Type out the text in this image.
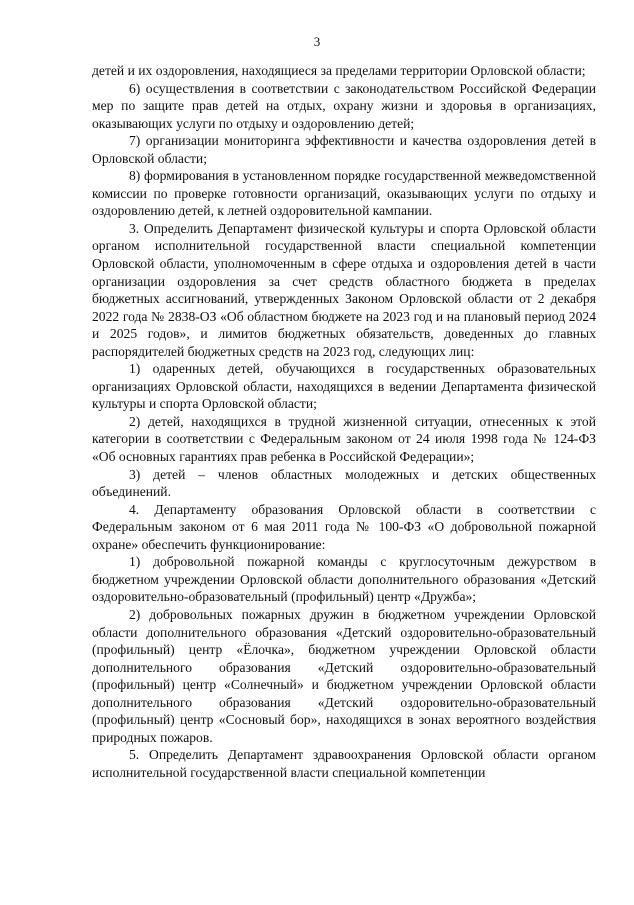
3

детей и их оздоровления, находящиеся за пределами территории Орловской области;

6) осуществления в соответствии с законодательством Российской Федерации мер по защите прав детей на отдых, охрану жизни и здоровья в организациях, оказывающих услуги по отдыху и оздоровлению детей;

7) организации мониторинга эффективности и качества оздоровления детей в Орловской области;

8) формирования в установленном порядке государственной межведомственной комиссии по проверке готовности организаций, оказывающих услуги по отдыху и оздоровлению детей, к летней оздоровительной кампании.

3. Определить Департамент физической культуры и спорта Орловской области органом исполнительной государственной власти специальной компетенции Орловской области, уполномоченным в сфере отдыха и оздоровления детей в части организации оздоровления за счет средств областного бюджета в пределах бюджетных ассигнований, утвержденных Законом Орловской области от 2 декабря 2022 года № 2838-ОЗ «Об областном бюджете на 2023 год и на плановый период 2024 и 2025 годов», и лимитов бюджетных обязательств, доведенных до главных распорядителей бюджетных средств на 2023 год, следующих лиц:

1) одаренных детей, обучающихся в государственных образовательных организациях Орловской области, находящихся в ведении Департамента физической культуры и спорта Орловской области;

2) детей, находящихся в трудной жизненной ситуации, отнесенных к этой категории в соответствии с Федеральным законом от 24 июля 1998 года № 124-ФЗ «Об основных гарантиях прав ребенка в Российской Федерации»;

3) детей – членов областных молодежных и детских общественных объединений.

4. Департаменту образования Орловской области в соответствии с Федеральным законом от 6 мая 2011 года № 100-ФЗ «О добровольной пожарной охране» обеспечить функционирование:

1) добровольной пожарной команды с круглосуточным дежурством в бюджетном учреждении Орловской области дополнительного образования «Детский оздоровительно-образовательный (профильный) центр «Дружба»;

2) добровольных пожарных дружин в бюджетном учреждении Орловской области дополнительного образования «Детский оздоровительно-образовательный (профильный) центр «Ёлочка», бюджетном учреждении Орловской области дополнительного образования «Детский оздоровительно-образовательный (профильный) центр «Солнечный» и бюджетном учреждении Орловской области дополнительного образования «Детский оздоровительно-образовательный (профильный) центр «Сосновый бор», находящихся в зонах вероятного воздействия природных пожаров.

5. Определить Департамент здравоохранения Орловской области органом исполнительной государственной власти специальной компетенции
